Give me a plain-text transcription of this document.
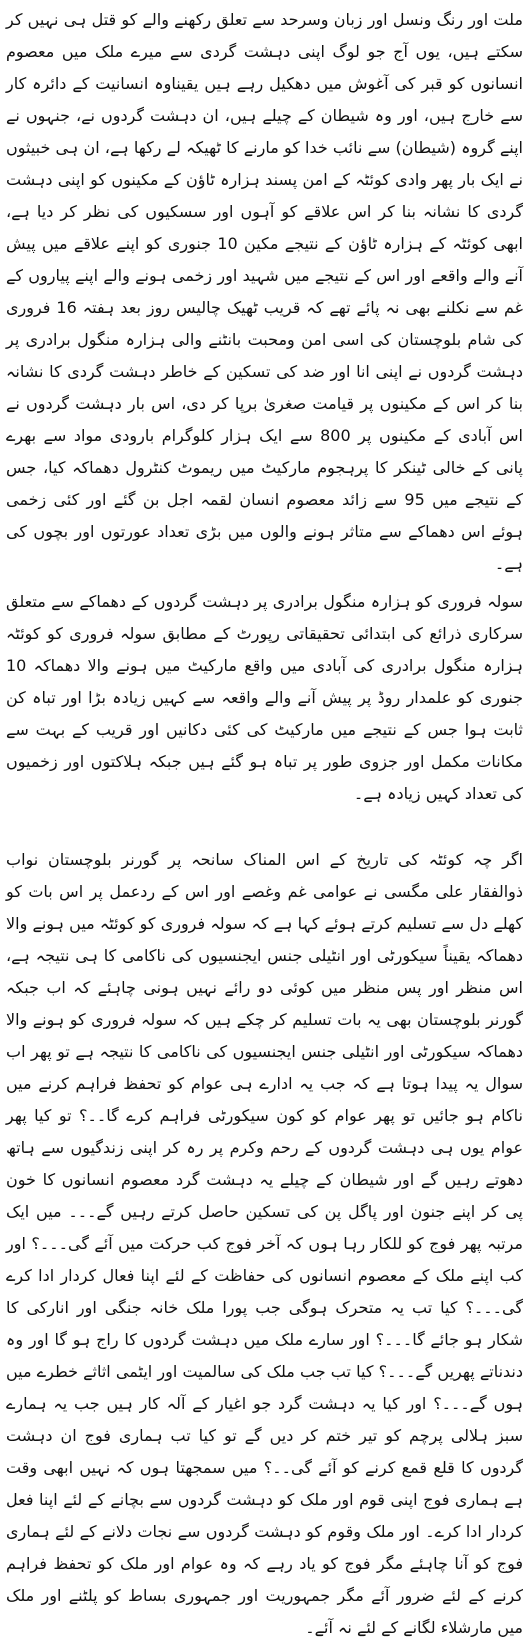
ملت اور رنگ ونسل اور زبان وسرحد سے تعلق رکھنے والے کو قتل ہی نہیں کر سکتے ہیں، یوں آج جو لوگ اپنی دہشت گردی سے میرے ملک میں معصوم انسانوں کو قبر کی آغوش میں دھکیل رہے ہیں یقیناوہ انسانیت کے دائرہ کار سے خارج ہیں، اور وہ شیطان کے چیلے ہیں، ان دہشت گردوں نے، جنہوں نے اپنے گروہ (شیطان) سے نائب خدا کو مارنے کا ٹھیکہ لے رکھا ہے، ان ہی خبیثوں نے ایک بار پھر وادی کوئٹہ کے امن پسند ہزارہ ٹاؤن کے مکینوں کو اپنی دہشت گردی کا نشانہ بنا کر اس علاقے کو آہوں اور سسکیوں کی نظر کر دیا ہے، ابھی کوئٹہ کے ہزارہ ٹاؤن کے نتیجے مکین 10 جنوری کو اپنے علاقے میں پیش آنے والے واقعے اور اس کے نتیجے میں شہید اور زخمی ہونے والے اپنے پیاروں کے غم سے نکلنے بھی نہ پائے تھے کہ قریب ٹھیک چالیس روز بعد ہفتہ 16 فروری کی شام بلوچستان کی اسی امن ومحبت بانٹنے والی ہزارہ منگول برادری پر دہشت گردوں نے اپنی انا اور ضد کی تسکین کے خاطر دہشت گردی کا نشانہ بنا کر اس کے مکینوں پر قیامت صغریٰ برپا کر دی، اس بار دہشت گردوں نے اس آبادی کے مکینوں پر 800 سے ایک ہزار کلوگرام بارودی مواد سے بھرے پانی کے خالی ٹینکر کا پرہجوم مارکیٹ میں ریموٹ کنٹرول دھماکہ کیا، جس کے نتیجے میں 95 سے زائد معصوم انسان لقمہ اجل بن گئے اور کئی زخمی ہوئے اس دھماکے سے متاثر ہونے والوں میں بڑی تعداد عورتوں اور بچوں کی ہے۔

سولہ فروری کو ہزارہ منگول برادری پر دہشت گردوں کے دھماکے سے متعلق سرکاری ذرائع کی ابتدائی تحقیقاتی رپورٹ کے مطابق سولہ فروری کو کوئٹہ ہزارہ منگول برادری کی آبادی میں واقع مارکیٹ میں ہونے والا دھماکہ 10 جنوری کو علمدار روڈ پر پیش آنے والے واقعہ سے کہیں زیادہ بڑا اور تباہ کن ثابت ہوا جس کے نتیجے میں مارکیٹ کی کئی دکانیں اور قریب کے بہت سے مکانات مکمل اور جزوی طور پر تباہ ہو گئے ہیں جبکہ ہلاکتوں اور زخمیوں کی تعداد کہیں زیادہ ہے۔

اگر چہ کوئٹہ کی تاریخ کے اس المناک سانحہ پر گورنر بلوچستان نواب ذوالفقار علی مگسی نے عوامی غم وغصے اور اس کے ردعمل پر اس بات کو کھلے دل سے تسلیم کرتے ہوئے کہا ہے کہ سولہ فروری کو کوئٹہ میں ہونے والا دھماکہ یقیناً سیکورٹی اور انٹیلی جنس ایجنسیوں کی ناکامی کا ہی نتیجہ ہے، اس منظر اور پس منظر میں کوئی دو رائے نہیں ہونی چاہئے کہ اب جبکہ گورنر بلوچستان بھی یہ بات تسلیم کر چکے ہیں کہ سولہ فروری کو ہونے والا دھماکہ سیکورٹی اور انٹیلی جنس ایجنسیوں کی ناکامی کا نتیجہ ہے تو پھر اب سوال یہ پیدا ہوتا ہے کہ جب یہ ادارے ہی عوام کو تحفظ فراہم کرنے میں ناکام ہو جائیں تو پھر عوام کو کون سیکورٹی فراہم کرے گا۔۔؟ تو کیا پھر عوام یوں ہی دہشت گردوں کے رحم وکرم پر رہ کر اپنی زندگیوں سے ہاتھ دھوتے رہیں گے اور شیطان کے چیلے یہ دہشت گرد معصوم انسانوں کا خون پی کر اپنے جنون اور پاگل پن کی تسکین حاصل کرتے رہیں گے۔۔۔ میں ایک مرتبہ پھر فوج کو للکار رہا ہوں کہ آخر فوج کب حرکت میں آئے گی۔۔۔؟ اور کب اپنے ملک کے معصوم انسانوں کی حفاظت کے لئے اپنا فعال کردار ادا کرے گی۔۔۔؟ کیا تب یہ متحرک ہوگی جب پورا ملک خانہ جنگی اور انارکی کا شکار ہو جائے گا۔۔۔؟ اور سارے ملک میں دہشت گردوں کا راج ہو گا اور وہ دندناتے پھریں گے۔۔۔؟ کیا تب جب ملک کی سالمیت اور ایٹمی اثاثے خطرے میں ہوں گے۔۔۔؟ اور کیا یہ دہشت گرد جو اغیار کے آلہ کار ہیں جب یہ ہمارے سبز ہلالی پرچم کو تیر ختم کر دیں گے تو کیا تب ہماری فوج ان دہشت گردوں کا قلع قمع کرنے کو آئے گی۔۔؟ میں سمجھتا ہوں کہ نہیں ابھی وقت ہے ہماری فوج اپنی قوم اور ملک کو دہشت گردوں سے بچانے کے لئے اپنا فعل کردار ادا کرے۔ اور ملک وقوم کو دہشت گردوں سے نجات دلانے کے لئے ہماری فوج کو آنا چاہئے مگر فوج کو یاد رہے کہ وہ عوام اور ملک کو تحفظ فراہم کرنے کے لئے ضرور آئے مگر جمہوریت اور جمہوری بساط کو پلٹنے اور ملک میں مارشلاء لگانے کے لئے نہ آئے۔
